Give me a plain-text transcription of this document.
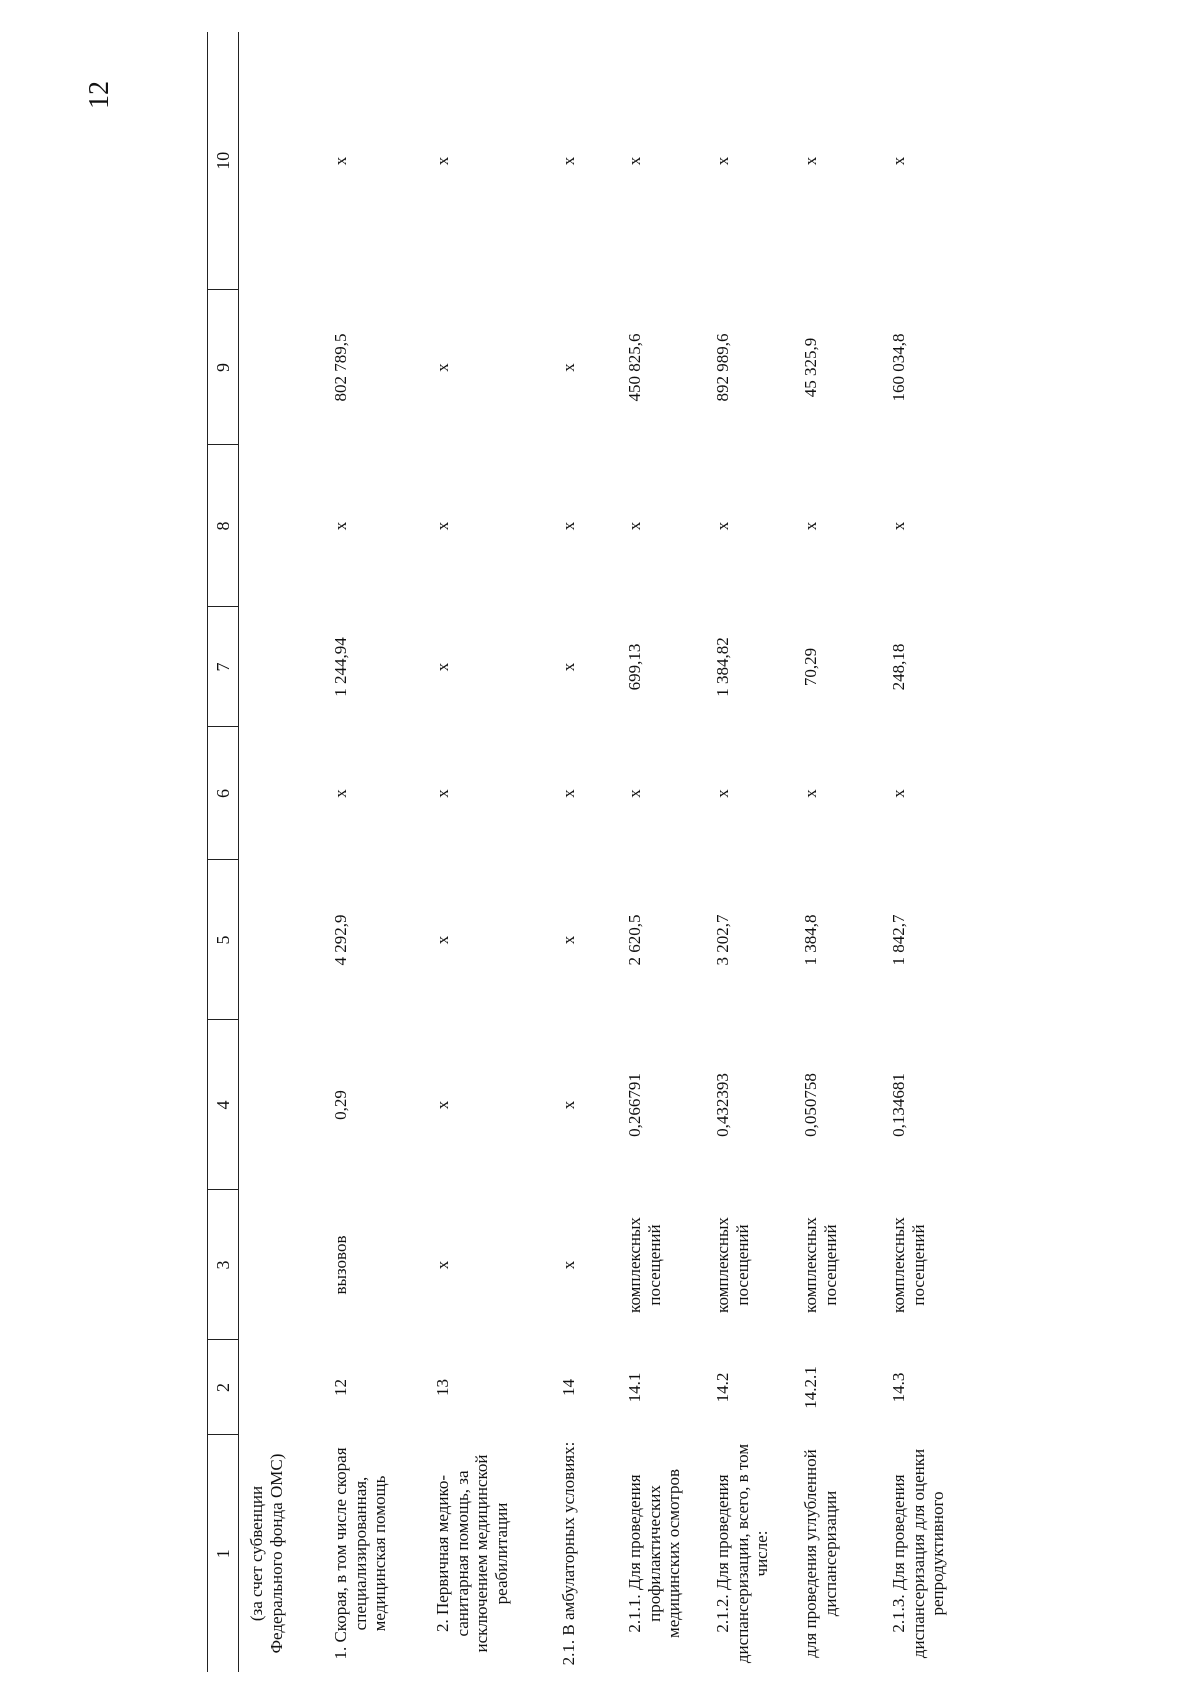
12
1	2	3	4	5	6	7	8	9	10
(за счет субвенции Федерального фонда ОМС)									
1. Скорая, в том числе скорая специализированная, медицинская помощь	12	вызовов	0,29	4 292,9	x	1 244,94	x	802 789,5	x
2. Первичная медико-санитарная помощь, за исключением медицинской реабилитации	13	x	x	x	x	x	x	x	x
2.1. В амбулаторных условиях:	14	x	x	x	x	x	x	x	x
2.1.1. Для проведения профилактических медицинских осмотров	14.1	комплексных посещений	0,266791	2 620,5	x	699,13	x	450 825,6	x
2.1.2. Для проведения диспансеризации, всего, в том числе:	14.2	комплексных посещений	0,432393	3 202,7	x	1 384,82	x	892 989,6	x
для проведения углубленной диспансеризации	14.2.1	комплексных посещений	0,050758	1 384,8	x	70,29	x	45 325,9	x
2.1.3. Для проведения диспансеризация для оценки репродуктивного	14.3	комплексных посещений	0,134681	1 842,7	x	248,18	x	160 034,8	x
